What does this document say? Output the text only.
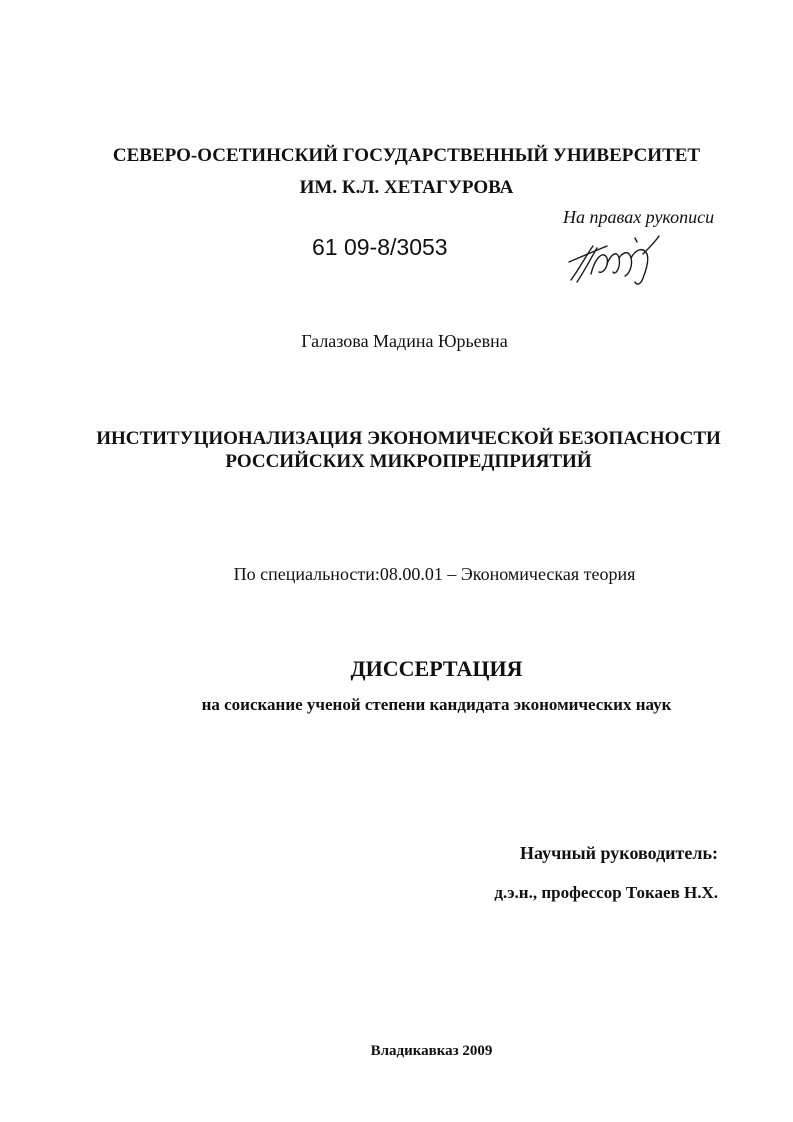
СЕВЕРО-ОСЕТИНСКИЙ ГОСУДАРСТВЕННЫЙ УНИВЕРСИТЕТ
ИМ. К.Л. ХЕТАГУРОВА
На правах рукописи
61 09-8/3053
Галазова Мадина Юрьевна
ИНСТИТУЦИОНАЛИЗАЦИЯ ЭКОНОМИЧЕСКОЙ БЕЗОПАСНОСТИ
РОССИЙСКИХ МИКРОПРЕДПРИЯТИЙ
По специальности:08.00.01 – Экономическая теория
ДИССЕРТАЦИЯ
на соискание ученой степени кандидата экономических наук
Научный руководитель:
д.э.н., профессор Токаев Н.Х.
Владикавказ 2009
